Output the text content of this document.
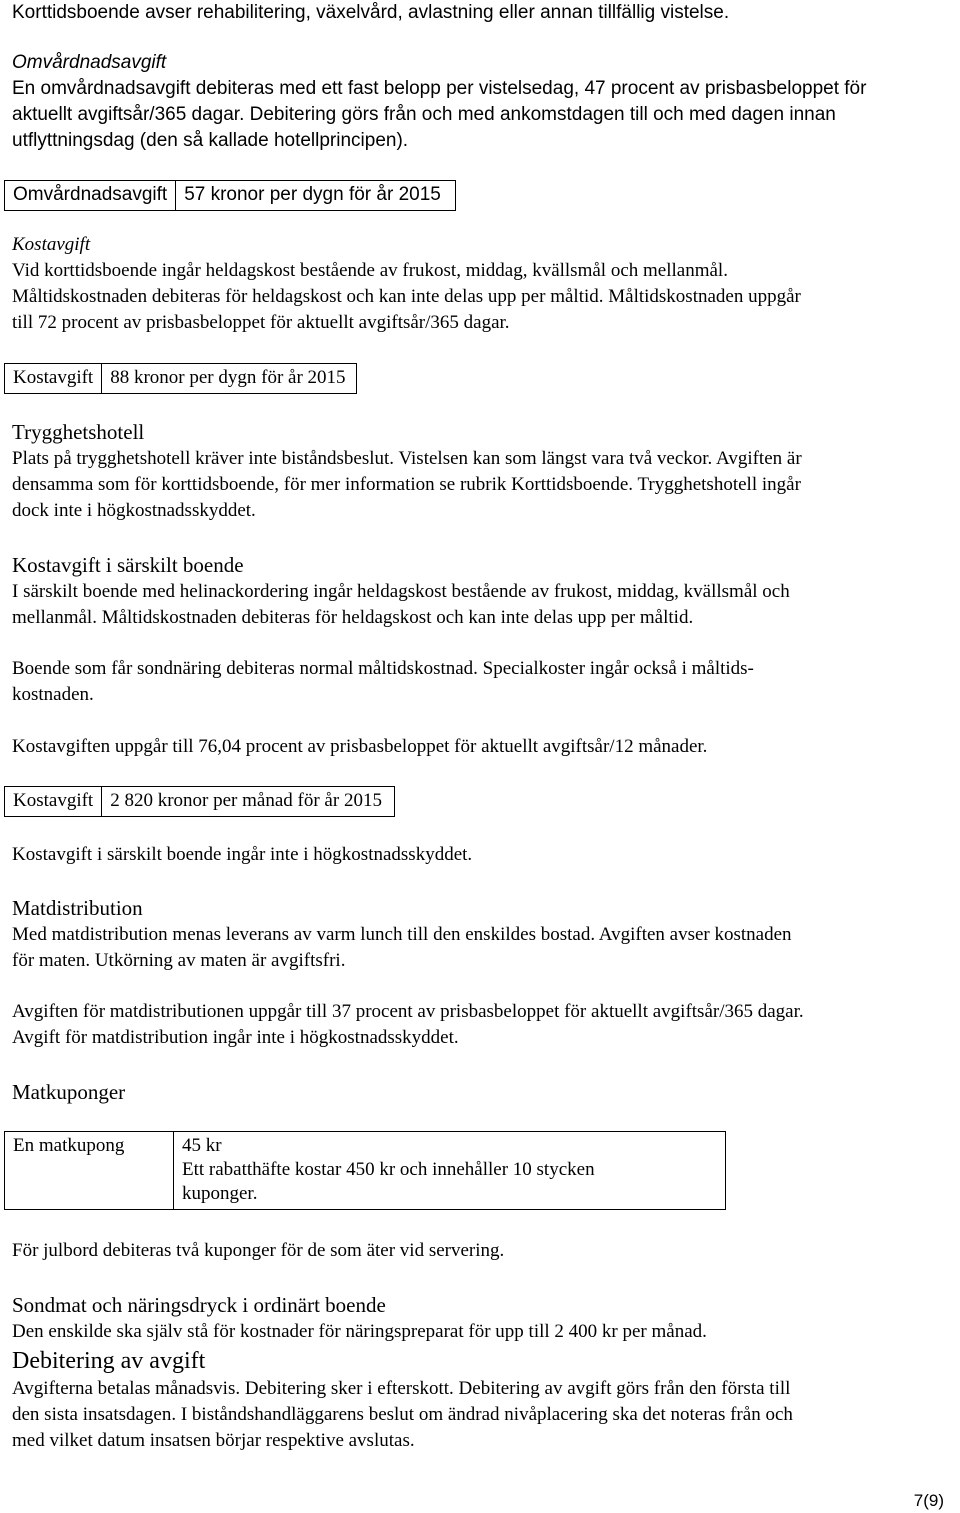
Korttidsboende avser rehabilitering, växelvård, avlastning eller annan tillfällig vistelse.

Omvårdnadsavgift

En omvårdnadsavgift debiteras med ett fast belopp per vistelsedag, 47 procent av prisbasbeloppet för

aktuellt avgiftsår/365 dagar. Debitering görs från och med ankomstdagen till och med dagen innan

utflyttningsdag (den så kallade hotellprincipen).

Omvårdnadsavgift	57 kronor per dygn för år 2015

Kostavgift

Vid korttidsboende ingår heldagskost bestående av frukost, middag, kvällsmål och mellanmål.

Måltidskostnaden debiteras för heldagskost och kan inte delas upp per måltid. Måltidskostnaden uppgår

till 72 procent av prisbasbeloppet för aktuellt avgiftsår/365 dagar.

Kostavgift	88 kronor per dygn för år 2015

Trygghetshotell

Plats på trygghetshotell kräver inte biståndsbeslut. Vistelsen kan som längst vara två veckor. Avgiften är

densamma som för korttidsboende, för mer information se rubrik Korttidsboende. Trygghetshotell ingår

dock inte i högkostnadsskyddet.

Kostavgift i särskilt boende

I särskilt boende med helinackordering ingår heldagskost bestående av frukost, middag, kvällsmål och

mellanmål. Måltidskostnaden debiteras för heldagskost och kan inte delas upp per måltid.

Boende som får sondnäring debiteras normal måltidskostnad. Specialkoster ingår också i måltids-

kostnaden.

Kostavgiften uppgår till 76,04 procent av prisbasbeloppet för aktuellt avgiftsår/12 månader.

Kostavgift	2 820 kronor per månad för år 2015

Kostavgift i särskilt boende ingår inte i högkostnadsskyddet.

Matdistribution

Med matdistribution menas leverans av varm lunch till den enskildes bostad. Avgiften avser kostnaden

för maten. Utkörning av maten är avgiftsfri.

Avgiften för matdistributionen uppgår till 37 procent av prisbasbeloppet för aktuellt avgiftsår/365 dagar.

Avgift för matdistribution ingår inte i högkostnadsskyddet.

Matkuponger

En matkupong	45 kr
Ett rabatthäfte kostar 450 kr och innehåller 10 stycken
kuponger.

För julbord debiteras två kuponger för de som äter vid servering.

Sondmat och näringsdryck i ordinärt boende

Den enskilde ska själv stå för kostnader för näringspreparat för upp till 2 400 kr per månad.

Debitering av avgift

Avgifterna betalas månadsvis. Debitering sker i efterskott. Debitering av avgift görs från den första till

den sista insatsdagen. I biståndshandläggarens beslut om ändrad nivåplacering ska det noteras från och

med vilket datum insatsen börjar respektive avslutas.

7(9)
